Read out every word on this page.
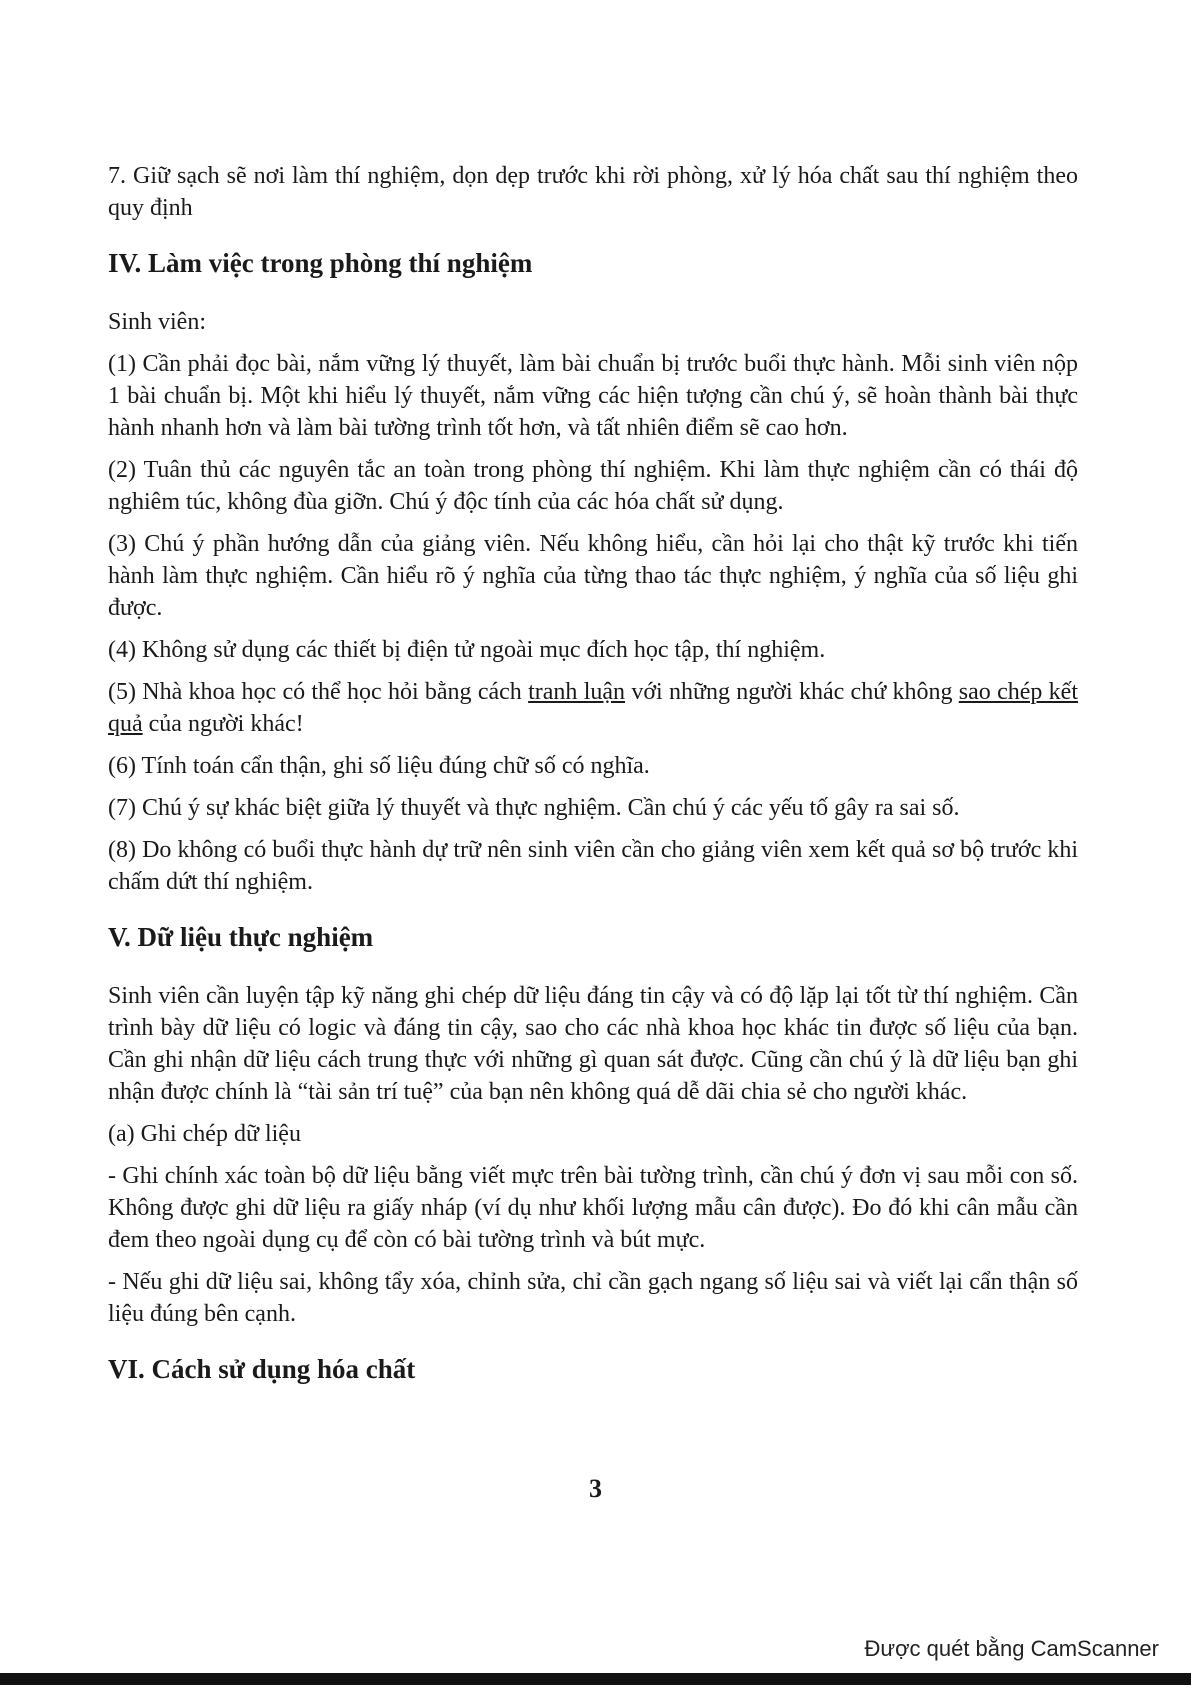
7. Giữ sạch sẽ nơi làm thí nghiệm, dọn dẹp trước khi rời phòng, xử lý hóa chất sau thí nghiệm theo quy định

IV. Làm việc trong phòng thí nghiệm

Sinh viên:

(1) Cần phải đọc bài, nắm vững lý thuyết, làm bài chuẩn bị trước buổi thực hành. Mỗi sinh viên nộp 1 bài chuẩn bị. Một khi hiểu lý thuyết, nắm vững các hiện tượng cần chú ý, sẽ hoàn thành bài thực hành nhanh hơn và làm bài tường trình tốt hơn, và tất nhiên điểm sẽ cao hơn.

(2) Tuân thủ các nguyên tắc an toàn trong phòng thí nghiệm. Khi làm thực nghiệm cần có thái độ nghiêm túc, không đùa giỡn. Chú ý độc tính của các hóa chất sử dụng.

(3) Chú ý phần hướng dẫn của giảng viên. Nếu không hiểu, cần hỏi lại cho thật kỹ trước khi tiến hành làm thực nghiệm. Cần hiểu rõ ý nghĩa của từng thao tác thực nghiệm, ý nghĩa của số liệu ghi được.

(4) Không sử dụng các thiết bị điện tử ngoài mục đích học tập, thí nghiệm.

(5) Nhà khoa học có thể học hỏi bằng cách tranh luận với những người khác chứ không sao chép kết quả của người khác!

(6) Tính toán cẩn thận, ghi số liệu đúng chữ số có nghĩa.

(7) Chú ý sự khác biệt giữa lý thuyết và thực nghiệm. Cần chú ý các yếu tố gây ra sai số.

(8) Do không có buổi thực hành dự trữ nên sinh viên cần cho giảng viên xem kết quả sơ bộ trước khi chấm dứt thí nghiệm.

V. Dữ liệu thực nghiệm

Sinh viên cần luyện tập kỹ năng ghi chép dữ liệu đáng tin cậy và có độ lặp lại tốt từ thí nghiệm. Cần trình bày dữ liệu có logic và đáng tin cậy, sao cho các nhà khoa học khác tin được số liệu của bạn. Cần ghi nhận dữ liệu cách trung thực với những gì quan sát được. Cũng cần chú ý là dữ liệu bạn ghi nhận được chính là “tài sản trí tuệ” của bạn nên không quá dễ dãi chia sẻ cho người khác.

(a) Ghi chép dữ liệu

- Ghi chính xác toàn bộ dữ liệu bằng viết mực trên bài tường trình, cần chú ý đơn vị sau mỗi con số. Không được ghi dữ liệu ra giấy nháp (ví dụ như khối lượng mẫu cân được). Đo đó khi cân mẫu cần đem theo ngoài dụng cụ để còn có bài tường trình và bút mực.

- Nếu ghi dữ liệu sai, không tẩy xóa, chỉnh sửa, chỉ cần gạch ngang số liệu sai và viết lại cẩn thận số liệu đúng bên cạnh.

VI. Cách sử dụng hóa chất
3
Được quét bằng CamScanner
